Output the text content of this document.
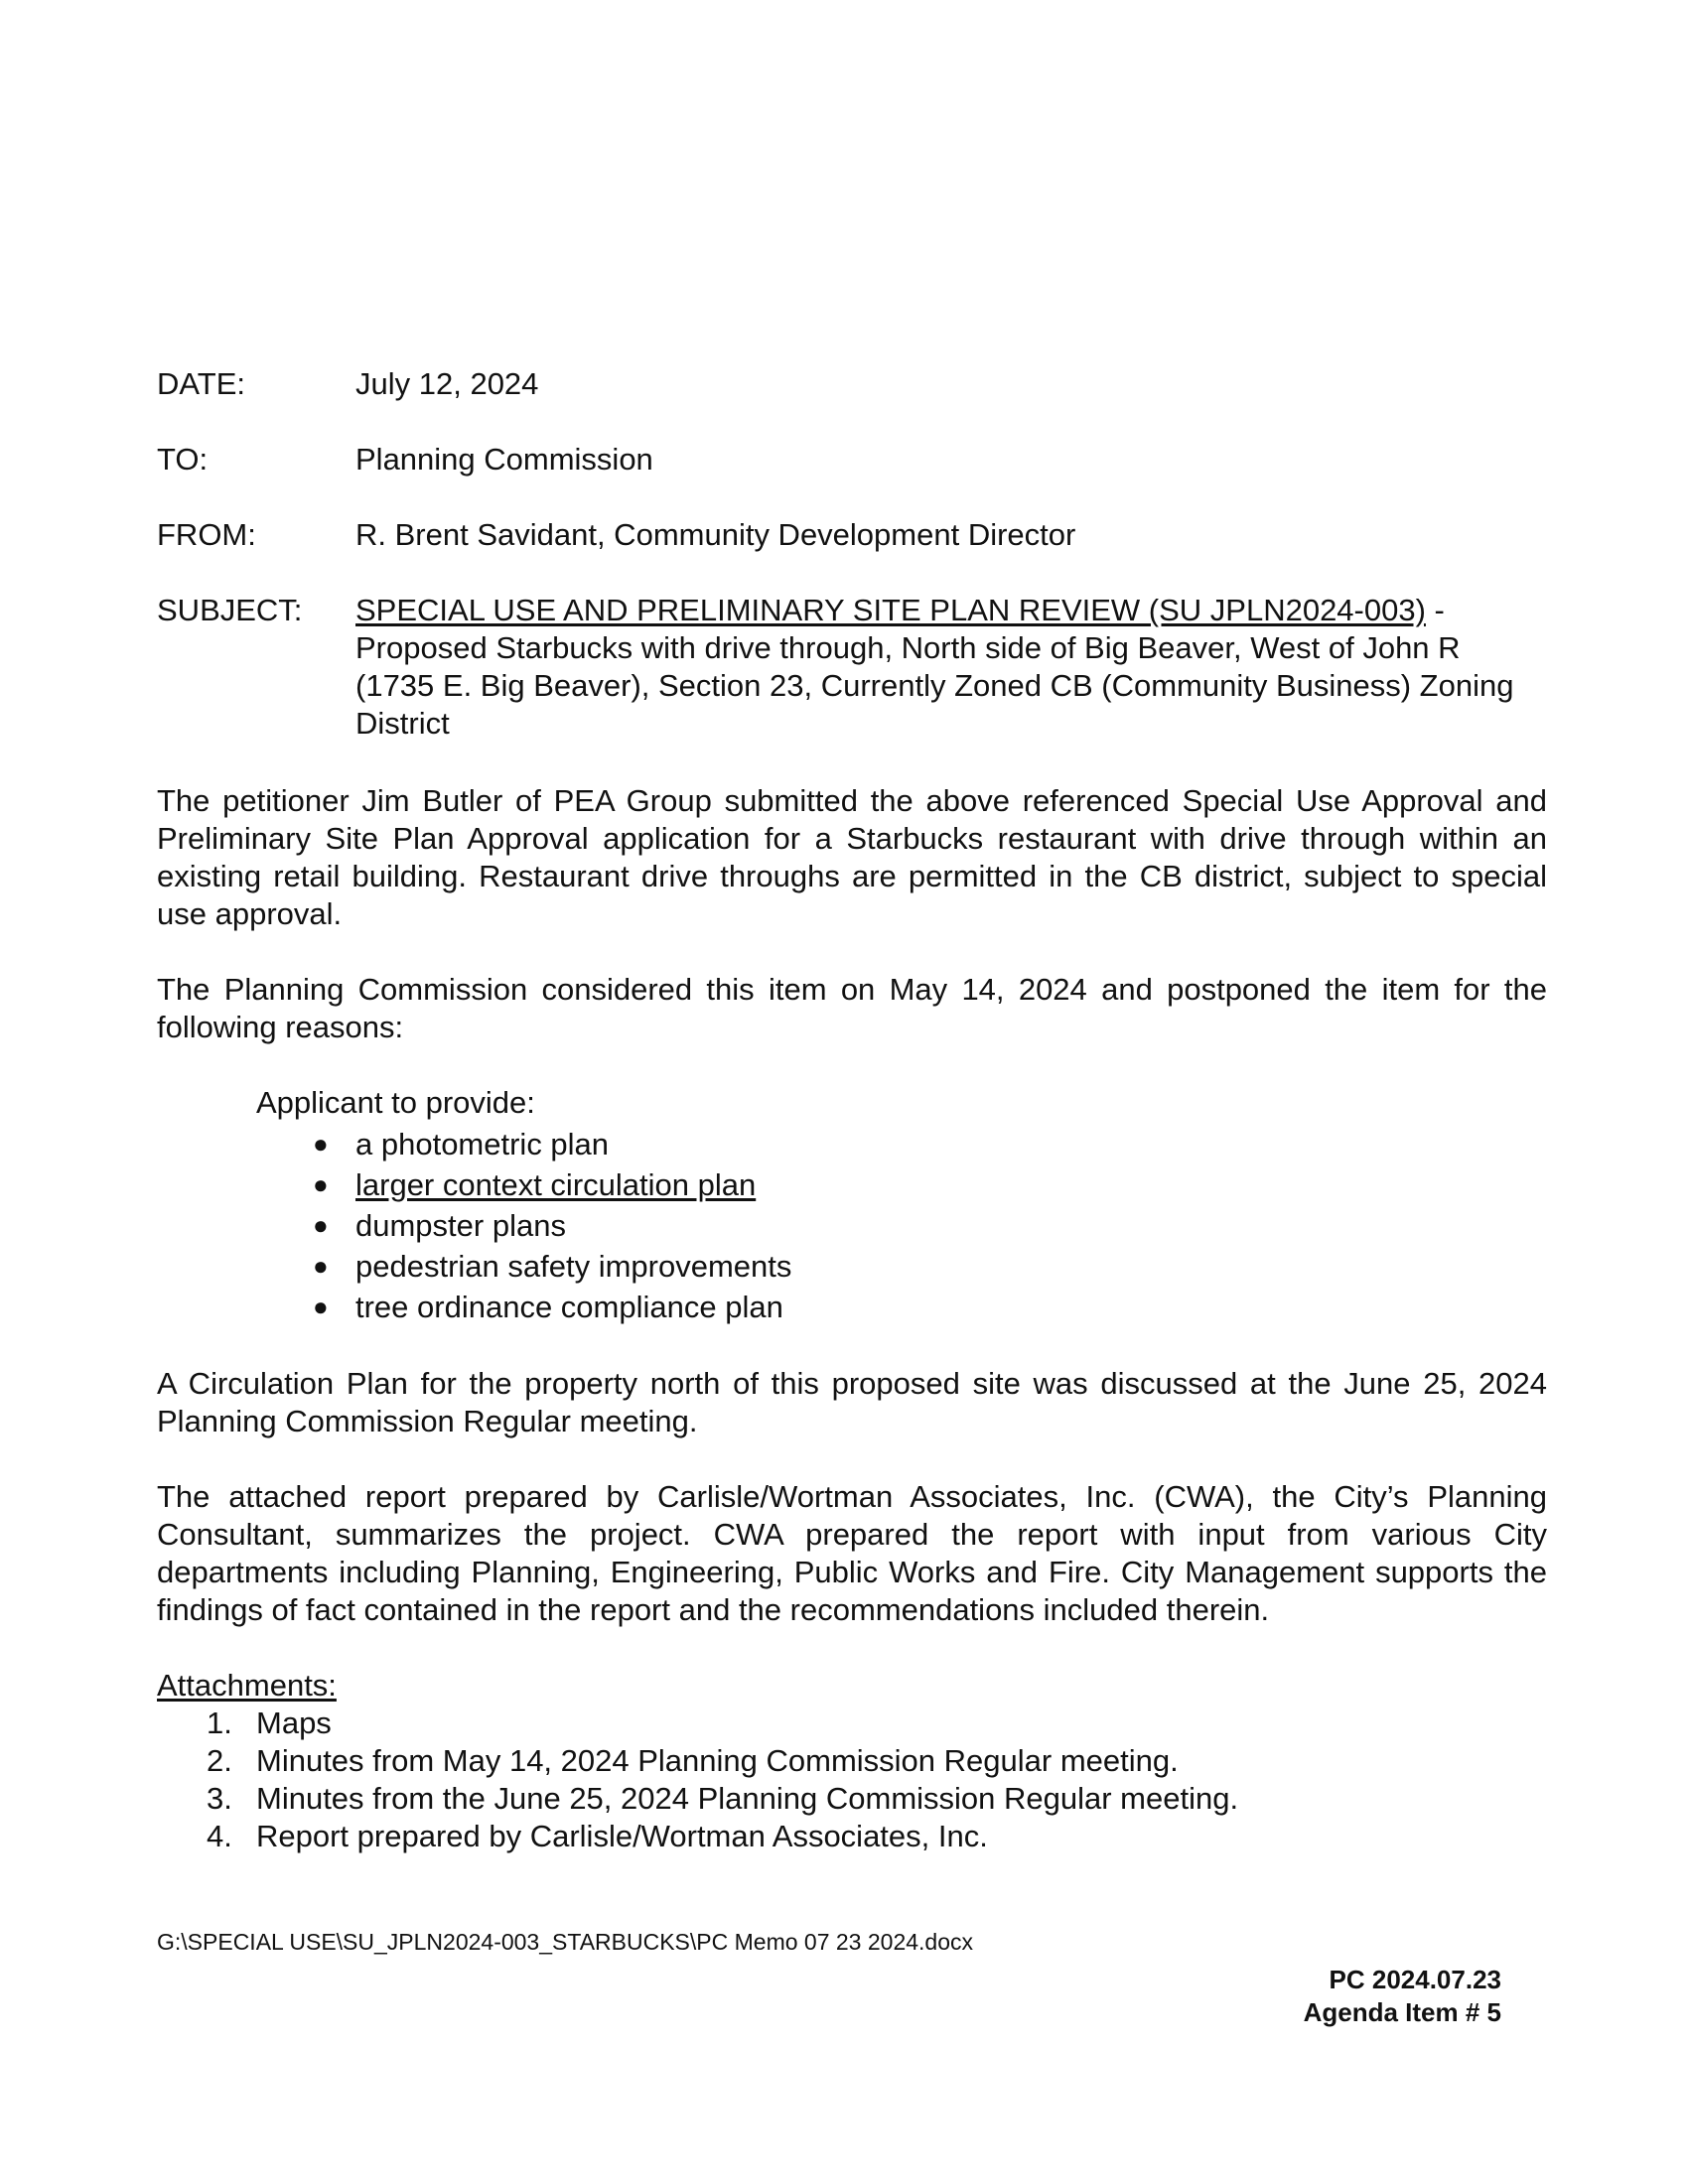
DATE:	July 12, 2024
TO:	Planning Commission
FROM:	R. Brent Savidant, Community Development Director
SUBJECT:	SPECIAL USE AND PRELIMINARY SITE PLAN REVIEW (SU JPLN2024-003) - Proposed Starbucks with drive through, North side of Big Beaver, West of John R (1735 E. Big Beaver), Section 23, Currently Zoned CB (Community Business) Zoning District

The petitioner Jim Butler of PEA Group submitted the above referenced Special Use Approval and Preliminary Site Plan Approval application for a Starbucks restaurant with drive through within an existing retail building. Restaurant drive throughs are permitted in the CB district, subject to special use approval.

The Planning Commission considered this item on May 14, 2024 and postponed the item for the following reasons:

Applicant to provide:
● a photometric plan
● larger context circulation plan
● dumpster plans
● pedestrian safety improvements
● tree ordinance compliance plan

A Circulation Plan for the property north of this proposed site was discussed at the June 25, 2024 Planning Commission Regular meeting.

The attached report prepared by Carlisle/Wortman Associates, Inc. (CWA), the City’s Planning Consultant, summarizes the project. CWA prepared the report with input from various City departments including Planning, Engineering, Public Works and Fire. City Management supports the findings of fact contained in the report and the recommendations included therein.

Attachments:

1. Maps
2. Minutes from May 14, 2024 Planning Commission Regular meeting.
3. Minutes from the June 25, 2024 Planning Commission Regular meeting.
4. Report prepared by Carlisle/Wortman Associates, Inc.
G:\SPECIAL USE\SU_JPLN2024-003_STARBUCKS\PC Memo 07 23 2024.docx
PC 2024.07.23
Agenda Item # 5
